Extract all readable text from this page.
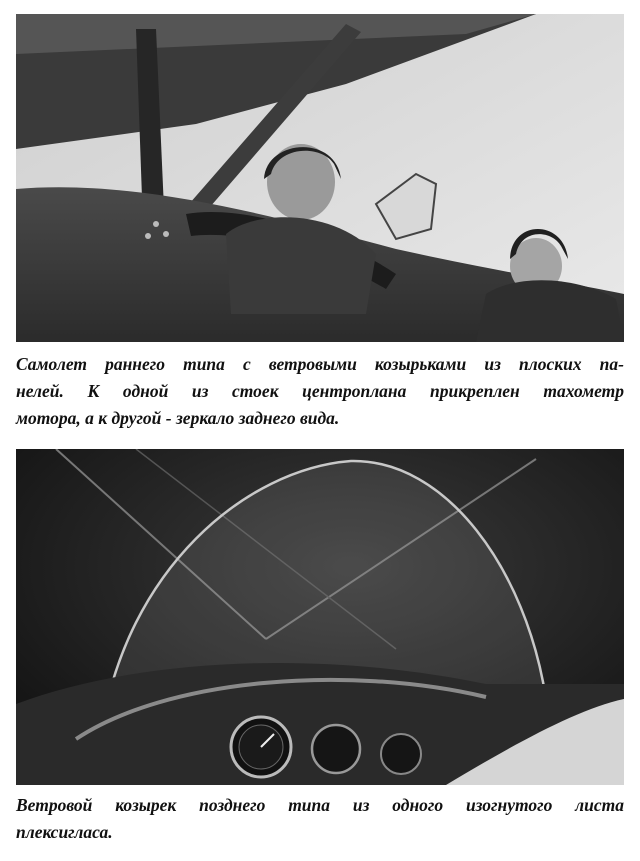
Самолет раннего типа с ветровыми козырьками из плоских па-
нелей. К одной из стоек центроплана прикреплен тахометр
мотора, а к другой - зеркало заднего вида.

Ветровой козырек позднего типа из одного изогнутого листа
плексигласа.
